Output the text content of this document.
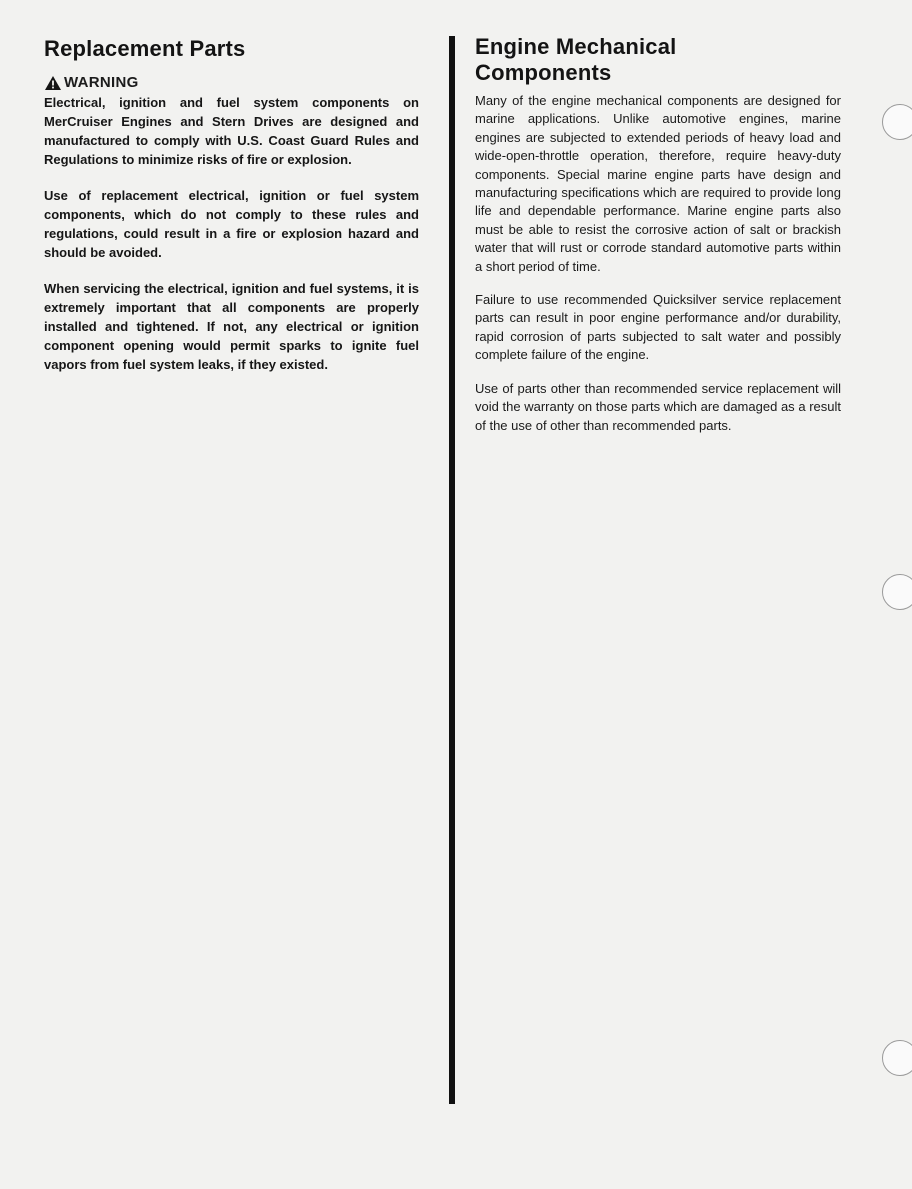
Replacement Parts
WARNING

Electrical, ignition and fuel system components on MerCruiser Engines and Stern Drives are designed and manufactured to comply with U.S. Coast Guard Rules and Regulations to minimize risks of fire or explosion.

Use of replacement electrical, ignition or fuel system components, which do not comply to these rules and regulations, could result in a fire or explosion hazard and should be avoided.

When servicing the electrical, ignition and fuel systems, it is extremely important that all components are properly installed and tightened. If not, any electrical or ignition component opening would permit sparks to ignite fuel vapors from fuel system leaks, if they existed.

Engine Mechanical
Components

Many of the engine mechanical components are designed for marine applications. Unlike automotive engines, marine engines are subjected to extended periods of heavy load and wide-open-throttle operation, therefore, require heavy-duty components. Special marine engine parts have design and manufacturing specifications which are required to provide long life and dependable performance. Marine engine parts also must be able to resist the corrosive action of salt or brackish water that will rust or corrode standard automotive parts within a short period of time.

Failure to use recommended Quicksilver service replacement parts can result in poor engine performance and/or durability, rapid corrosion of parts subjected to salt water and possibly complete failure of the engine.

Use of parts other than recommended service replacement will void the warranty on those parts which are damaged as a result of the use of other than recommended parts.
